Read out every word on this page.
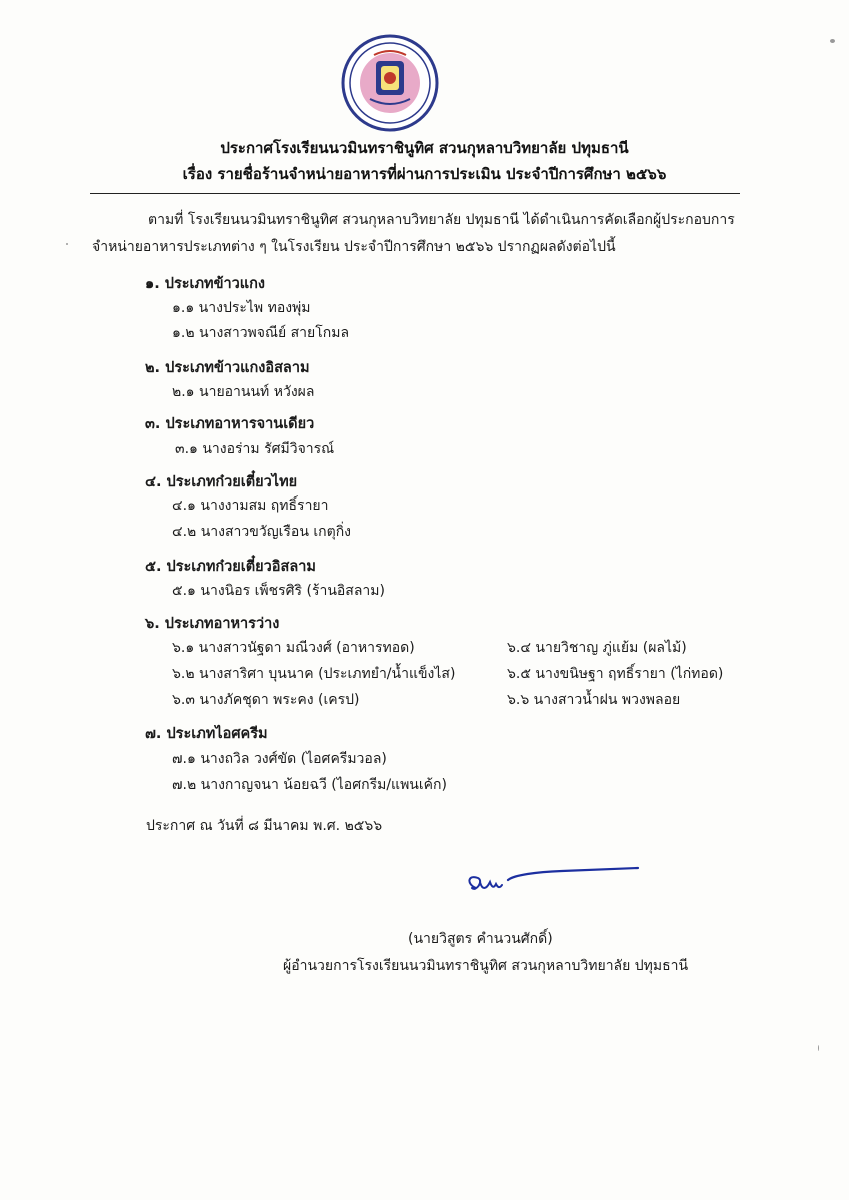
ประกาศโรงเรียนนวมินทราชินูทิศ สวนกุหลาบวิทยาลัย ปทุมธานี
เรื่อง รายชื่อร้านจำหน่ายอาหารที่ผ่านการประเมิน ประจำปีการศึกษา ๒๕๖๖
ตามที่ โรงเรียนนวมินทราชินูทิศ สวนกุหลาบวิทยาลัย ปทุมธานี ได้ดำเนินการคัดเลือกผู้ประกอบการ
จำหน่ายอาหารประเภทต่าง ๆ ในโรงเรียน ประจำปีการศึกษา ๒๕๖๖ ปรากฏผลดังต่อไปนี้
๑. ประเภทข้าวแกง
๑.๑ นางประไพ ทองพุ่ม
๑.๒ นางสาวพจณีย์ สายโกมล
๒. ประเภทข้าวแกงอิสลาม
๒.๑ นายอานนท์ หวังผล
๓. ประเภทอาหารจานเดียว
๓.๑ นางอร่าม รัศมีวิจารณ์
๔. ประเภทก๋วยเตี๋ยวไทย
๔.๑ นางงามสม ฤทธิ์รายา
๔.๒ นางสาวขวัญเรือน เกตุกิ่ง
๕. ประเภทก๋วยเตี๋ยวอิสลาม
๕.๑ นางนิอร เพ็ชรศิริ (ร้านอิสลาม)
๖. ประเภทอาหารว่าง
๖.๑ นางสาวนัฐดา มณีวงศ์ (อาหารทอด)
๖.๒ นางสาริศา บุนนาค (ประเภทยำ/น้ำแข็งไส)
๖.๓ นางภัคชุดา พระคง (เครป)
๖.๔ นายวิชาญ ภู่แย้ม (ผลไม้)
๖.๕ นางขนิษฐา ฤทธิ์รายา (ไก่ทอด)
๖.๖ นางสาวน้ำฝน พวงพลอย
๗. ประเภทไอศครีม
๗.๑ นางถวิล วงศ์ขัด (ไอศครีมวอล)
๗.๒ นางกาญจนา น้อยฉวี (ไอศกรีม/แพนเค้ก)
ประกาศ ณ วันที่ ๘ มีนาคม พ.ศ. ๒๕๖๖
(นายวิสูตร คำนวนศักดิ์)
ผู้อำนวยการโรงเรียนนวมินทราชินูทิศ สวนกุหลาบวิทยาลัย ปทุมธานี
